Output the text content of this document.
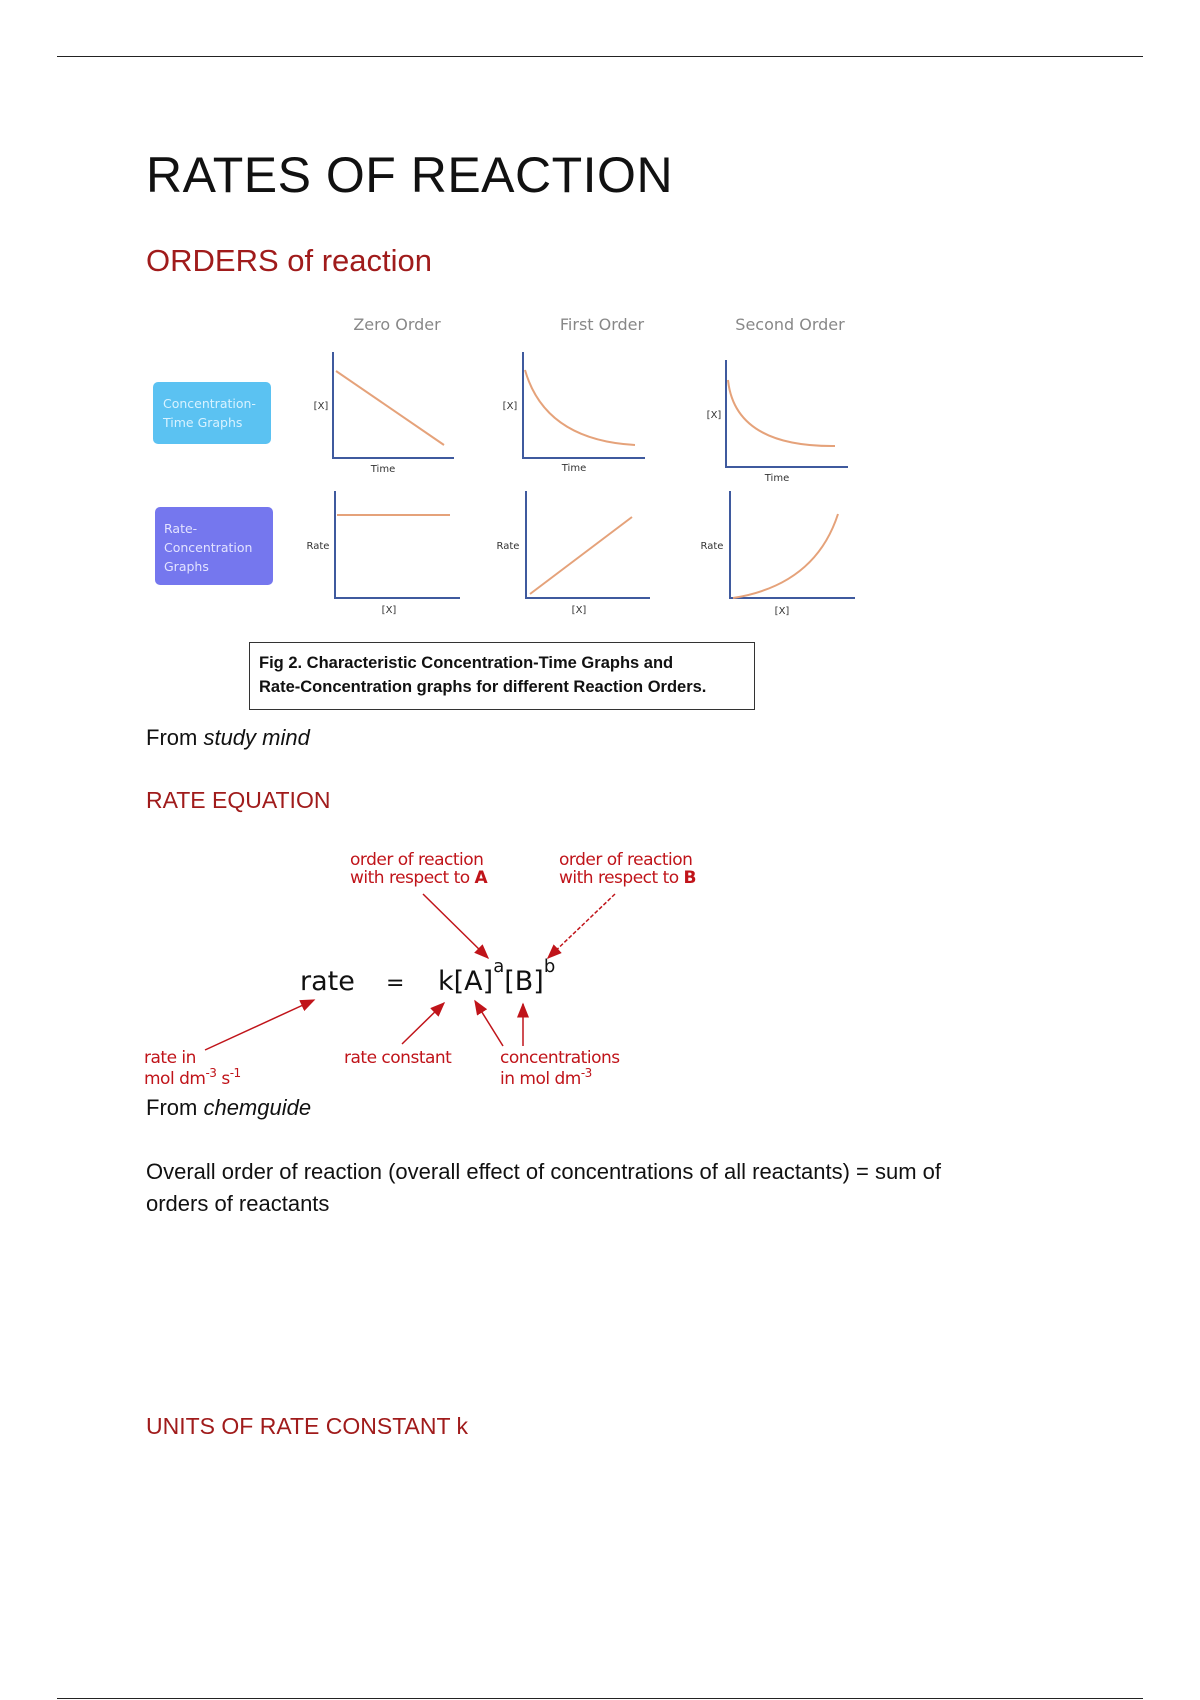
RATES OF REACTION
ORDERS of reaction
Zero Order	First Order	Second Order
Concentration-
Time Graphs
Rate-
Concentration
Graphs
[X]
Time
[X]
Time
[X]
Time
Rate
[X]
Rate
[X]
Rate
[X]
Fig 2. Characteristic Concentration-Time Graphs and
Rate-Concentration graphs for different Reaction Orders.

From study mind

RATE EQUATION
order of reaction
with respect to A
order of reaction
with respect to B
rate = $k[A]^a[B]^b$
rate in
mol $dm^{-3}$ $s^{-1}$
rate constant	concentrations
in mol $dm^{-3}$

From chemguide

Overall order of reaction (overall effect of concentrations of all reactants) = sum of
orders of reactants

UNITS OF RATE CONSTANT k
